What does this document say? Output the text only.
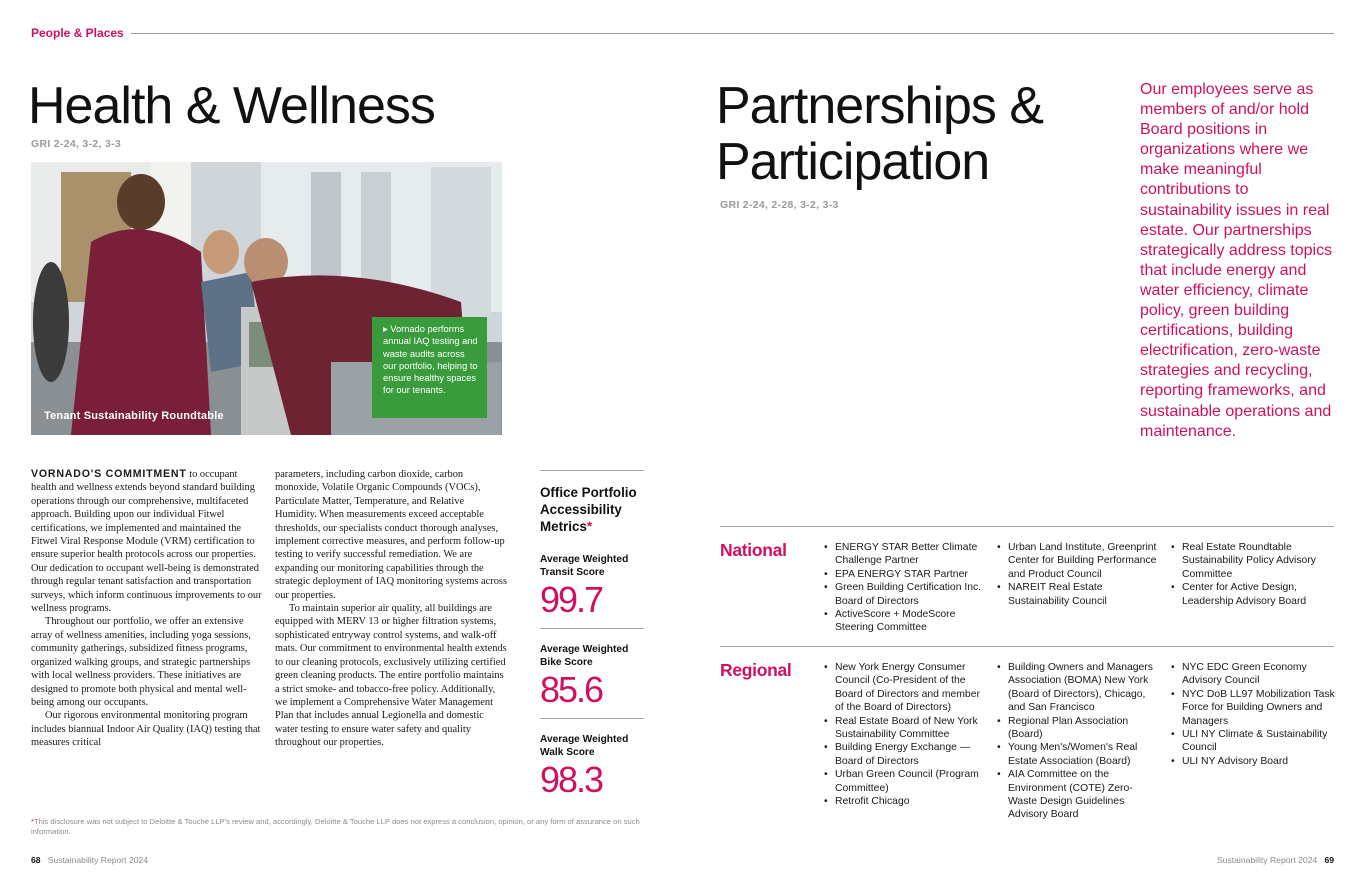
People & Places
Health & Wellness
GRI 2-24, 3-2, 3-3
Tenant Sustainability Roundtable
▸ Vornado performs annual IAQ testing and waste audits across our portfolio, helping to ensure healthy spaces for our tenants.

VORNADO'S COMMITMENT to occupant health and wellness extends beyond standard building operations through our comprehensive, multifaceted approach. Building upon our individual Fitwel certifications, we implemented and maintained the Fitwel Viral Response Module (VRM) certification to ensure superior health protocols across our properties. Our dedication to occupant well-being is demonstrated through regular tenant satisfaction and transportation surveys, which inform continuous improvements to our wellness programs.

Throughout our portfolio, we offer an extensive array of wellness amenities, including yoga sessions, community gatherings, subsidized fitness programs, organized walking groups, and strategic partnerships with local wellness providers. These initiatives are designed to promote both physical and mental well-being among our occupants.

Our rigorous environmental monitoring program includes biannual Indoor Air Quality (IAQ) testing that measures critical

parameters, including carbon dioxide, carbon monoxide, Volatile Organic Compounds (VOCs), Particulate Matter, Temperature, and Relative Humidity. When measurements exceed acceptable thresholds, our specialists conduct thorough analyses, implement corrective measures, and perform follow-up testing to verify successful remediation. We are expanding our monitoring capabilities through the strategic deployment of IAQ monitoring systems across our properties.

To maintain superior air quality, all buildings are equipped with MERV 13 or higher filtration systems, sophisticated entryway control systems, and walk-off mats. Our commitment to environmental health extends to our cleaning protocols, exclusively utilizing certified green cleaning products. The entire portfolio maintains a strict smoke- and tobacco-free policy. Additionally, we implement a Comprehensive Water Management Plan that includes annual Legionella and domestic water testing to ensure water safety and quality throughout our properties.

Office Portfolio Accessibility Metrics*
Average Weighted Transit Score
99.7
Average Weighted Bike Score
85.6
Average Weighted Walk Score
98.3
*This disclosure was not subject to Deloitte & Touche LLP's review and, accordingly, Deloitte & Touche LLP does not express a conclusion, opinion, or any form of assurance on such information.
68 Sustainability Report 2024
Partnerships & Participation
GRI 2-24, 2-28, 3-2, 3-3
Our employees serve as members of and/or hold Board positions in organizations where we make meaningful contributions to sustainability issues in real estate. Our partnerships strategically address topics that include energy and water efficiency, climate policy, green building certifications, building electrification, zero-waste strategies and recycling, reporting frameworks, and sustainable operations and maintenance.
National	• ENERGY STAR Better Climate Challenge Partner
• EPA ENERGY STAR Partner
• Green Building Certification Inc. Board of Directors
• ActiveScore + ModeScore Steering Committee
• Urban Land Institute, Greenprint Center for Building Performance and Product Council
• NAREIT Real Estate Sustainability Council
• Real Estate Roundtable Sustainability Policy Advisory Committee
• Center for Active Design, Leadership Advisory Board
Regional	• New York Energy Consumer Council (Co-President of the Board of Directors and member of the Board of Directors)
• Real Estate Board of New York Sustainability Committee
• Building Energy Exchange — Board of Directors
• Urban Green Council (Program Committee)
• Retrofit Chicago
• Building Owners and Managers Association (BOMA) New York (Board of Directors), Chicago, and San Francisco
• Regional Plan Association (Board)
• Young Men's/Women's Real Estate Association (Board)
• AIA Committee on the Environment (COTE) Zero-Waste Design Guidelines Advisory Board
• NYC EDC Green Economy Advisory Council
• NYC DoB LL97 Mobilization Task Force for Building Owners and Managers
• ULI NY Climate & Sustainability Council
• ULI NY Advisory Board
Sustainability Report 2024 69
